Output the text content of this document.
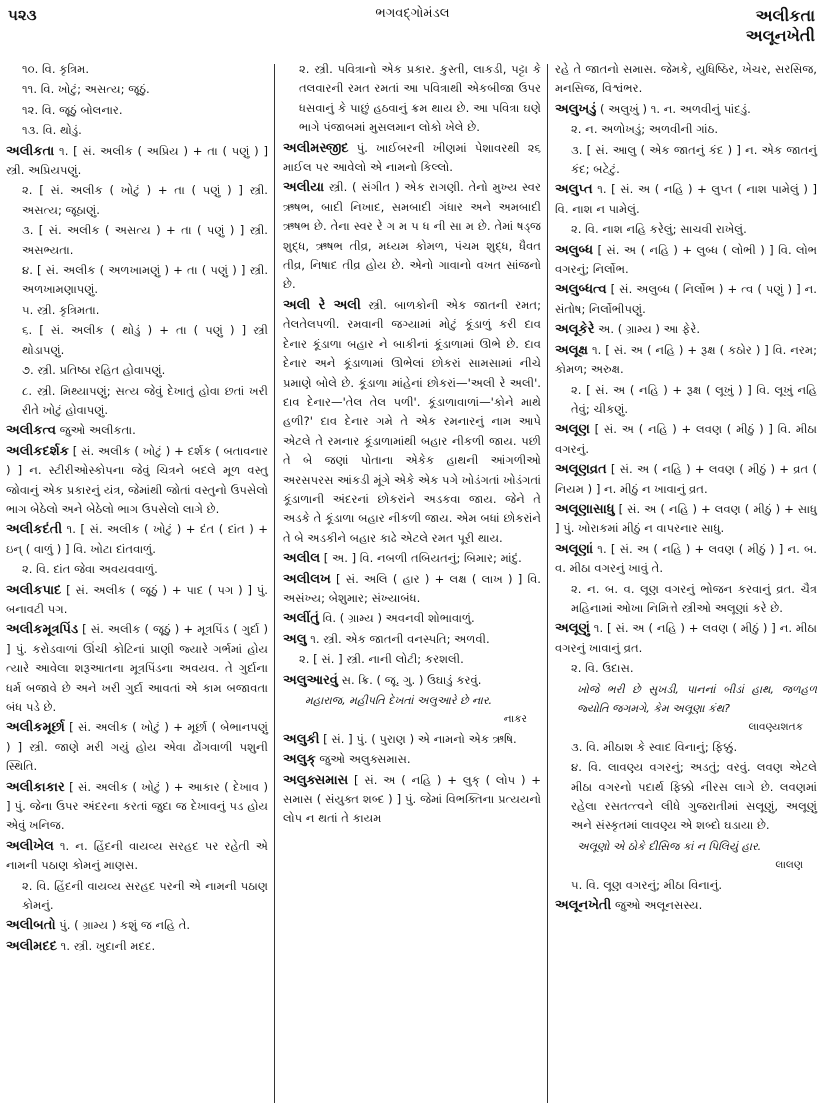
૫૨૩	ભગવદ્ગોમંડલ	અલીકતા
અલૂનખેતી
૧૦. વિ. કૃત્રિમ.
૧૧. વિ. ખોટું; અસત્ય; જૂઠું.
૧૨. વિ. જૂઠું બોલનાર.
૧૩. વિ. થોડું.
અલીકતા ૧. [ સં. અલીક ( અપ્રિય ) + તા ( પણું ) ] સ્ત્રી. અપ્રિયપણું.
૨. [ સં. અલીક ( ખોટું ) + તા ( પણું ) ] સ્ત્રી. અસત્ય; જૂઠાણું.
૩. [ સં. અલીક ( અસત્ય ) + તા ( પણું ) ] સ્ત્રી. અસભ્યતા.
૪. [ સં. અલીક ( અળખામણું ) + તા ( પણું ) ] સ્ત્રી. અળખામણાપણું.
૫. સ્ત્રી. કૃત્રિમતા.
૬. [ સં. અલીક ( થોડું ) + તા ( પણું ) ] સ્ત્રી થોડાપણું.
૭. સ્ત્રી. પ્રતિષ્ઠા રહિત હોવાપણું.
૮. સ્ત્રી. મિથ્યાપણું; સત્ય જેવું દેખાતું હોવા છતાં ખરી રીતે ખોટું હોવાપણું.
અલીકત્વ જુઓ અલીકતા.
અલીકદર્શક [ સં. અલીક ( ખોટું ) + દર્શક ( બતાવનાર ) ] ન. સ્ટીરીઓસ્કોપના જેવું ચિત્રને બદલે મૂળ વસ્તુ જોવાનું એક પ્રકારનું યંત્ર, જેમાંથી જોતાં વસ્તુનો ઉપસેલો ભાગ બેઠેલો અને બેઠેલો ભાગ ઉપસેલો લાગે છે.
અલીકદંતી ૧. [ સં. અલીક ( ખોટું ) + દંત ( દાંત ) + ઇન્ ( વાળું ) ] વિ. ખોટા દાંતવાળું.
૨. વિ. દાંત જેવા અવયવવાળું.
અલીકપાદ [ સં. અલીક ( જૂઠું ) + પાદ ( પગ ) ] પું. બનાવટી પગ.
અલીકમૂત્રપિંડ [ સં. અલીક ( જૂઠું ) + મૂત્રપિંડ ( ગુર્દા ) ] પું. કરોડવાળાં ઊંચી કોટિનાં પ્રાણી જ્યારે ગર્ભમાં હોય ત્યારે આવેલા શરૂઆતના મૂત્રપિંડના અવયવ. તે ગુર્દાના ધર્મ બજાવે છે અને ખરી ગુર્દા આવતાં એ કામ બજાવતા બંધ પડે છે.
અલીકમૂર્છા [ સં. અલીક ( ખોટું ) + મૂર્છા ( બેભાનપણું ) ] સ્ત્રી. જાણે મરી ગયું હોય એવા ઢોંગવાળી પશુની સ્થિતિ.
અલીકાકાર [ સં. અલીક ( ખોટું ) + આકાર ( દેખાવ ) ] પું. જેના ઉપર અંદરના કરતાં જુદા જ દેખાવનું પડ હોય એવું ખનિજ.
અલીખેલ ૧. ન. હિંદની વાયવ્ય સરહદ પર રહેતી એ નામની પઠાણ કોમનું માણસ.
૨. વિ. હિંદની વાયવ્ય સરહદ પરની એ નામની પઠાણ કોમનું.
અલીબતો પું. ( ગ્રામ્ય ) કશું જ નહિ તે.
અલીમદદ ૧. સ્ત્રી. ખુદાની મદદ.
૨. સ્ત્રી. પવિત્રાનો એક પ્રકાર. કુસ્તી, લાકડી, પટ્ટા કે તલવારની રમત રમતાં આ પવિત્રાથી એકબીજા ઉપર ધસવાનું કે પાછું હઠવાનું ક્રમ થાય છે. આ પવિત્રા ઘણે ભાગે પંજાબમાં મુસલમાન લોકો ખેલે છે.
અલીમસ્જીદ પું. ખાઈબરની ખીણમાં પેશાવરથી ૨૬ માઈલ પર આવેલો એ નામનો કિલ્લો.
અલીયા સ્ત્રી. ( સંગીત ) એક રાગણી. તેનો મુખ્ય સ્વર ઋષભ, બાદી નિખાદ, સમબાદી ગંધાર અને અમબાદી ઋષભ છે. તેના સ્વર રે ગ મ પ ધ ની સા મ છે. તેમાં ષડ્જ શુદ્ધ, ઋષભ તીવ્ર, મધ્યમ કોમળ, પંચમ શુદ્ધ, ધૈવત તીવ્ર, નિષાદ તીવ્ર હોય છે. એનો ગાવાનો વખત સાંજનો છે.
અલી રે અલી સ્ત્રી. બાળકોની એક જાતની રમત; તેલતેલપળી. રમવાની જગ્યામાં મોટું કૂંડાળું કરી દાવ દેનાર કૂંડાળા બહાર ને બાકીનાં કૂંડાળામાં ઊભે છે. દાવ દેનાર અને કૂંડાળામાં ઊભેલાં છોકરાં સામસામાં નીચે પ્રમાણે બોલે છે. કૂંડાળા માંહેનાં છોકરાં—'અલી રે અલી'. દાવ દેનાર—'તેલ તેલ પળી'. કૂંડાળાવાળાં—'કોને માથે હળી?' દાવ દેનાર ગમે તે એક રમનારનું નામ આપે એટલે તે રમનાર કૂંડાળામાંથી બહાર નીકળી જાય. પછી તે બે જણાં પોતાના એકેક હાથની આંગળીઓ અરસપરસ આંકડી મૂંગે એકે એક પગે ખોડંગતાં ખોડંગતાં કૂંડાળાની અંદરનાં છોકરાંને અડકવા જાય. જેને તે અડકે તે કૂંડાળા બહાર નીકળી જાય. એમ બધાં છોકરાંને તે બે અડકીને બહાર કાઢે એટલે રમત પૂરી થાય.
અલીલ [ અ. ] વિ. નબળી તબિયતનું; બિમાર; માંદું.
અલીલખ [ સં. અલિ ( હાર ) + લક્ષ ( લાખ ) ] વિ. અસંખ્ય; બેશુમાર; સંખ્યાબંધ.
અલીંતું વિ. ( ગ્રામ્ય ) અવનવી શોભાવાળું.
અલુ ૧. સ્ત્રી. એક જાતની વનસ્પતિ; અળવી.
૨. [ સં. ] સ્ત્રી. નાની લોટી; કરશલી.
અલુઆરવું સ. ક્રિ. ( જૂ. ગુ. ) ઉઘાડું કરવું.
મહારાજ, મહીપતિ દેખતાં અલુઆરે છે નાર.
નાકર
અલુકી [ સં. ] પું. ( પુરાણ ) એ નામનો એક ઋષિ.
અલુક્ જુઓ અલુક્સમાસ.
અલુક્સમાસ [ સં. અ ( નહિ ) + લુક્ ( લોપ ) + સમાસ ( સંયુક્ત શબ્દ ) ] પું. જેમાં વિભક્તિના પ્રત્યયનો લોપ ન થતાં તે કાયમ
રહે તે જાતનો સમાસ. જેમકે, યુધિષ્ઠિર, ખેચર, સરસિજ, મનસિજ, વિશ્વંભર.
અલુખડું ( અલુખું ) ૧. ન. અળવીનું પાંદડું.
૨. ન. અળોખડું; અળવીની ગાંઠ.
૩. [ સં. આલુ ( એક જાતનું કંદ ) ] ન. એક જાતનું કંદ; બટેટું.
અલુપ્ત ૧. [ સં. અ ( નહિ ) + લુપ્ત ( નાશ પામેલું ) ] વિ. નાશ ન પામેલું.
૨. વિ. નાશ નહિ કરેલું; સાચવી રાખેલું.
અલુબ્ધ [ સં. અ ( નહિ ) + લુબ્ધ ( લોભી ) ] વિ. લોભ વગરનું; નિર્લોભ.
અલુબ્ધત્વ [ સં. અલુબ્ધ ( નિર્લોભ ) + ત્વ ( પણું ) ] ન. સંતોષ; નિર્લોભીપણું.
અલૂકેરે અ. ( ગ્રામ્ય ) આ ફેરે.
અલૂક્ષ ૧. [ સં. અ ( નહિ ) + રૂક્ષ ( કઠોર ) ] વિ. નરમ; કોમળ; અરુક્ષ.
૨. [ સં. અ ( નહિ ) + રૂક્ષ ( લૂખું ) ] વિ. લૂખું નહિ તેવું; ચીકણું.
અલૂણ [ સં. અ ( નહિ ) + લવણ ( મીઠું ) ] વિ. મીઠા વગરનું.
અલૂણવ્રત [ સં. અ ( નહિ ) + લવણ ( મીઠું ) + વ્રત ( નિયમ ) ] ન. મીઠું ન ખાવાનું વ્રત.
અલૂણાસાધુ [ સં. અ ( નહિ ) + લવણ ( મીઠું ) + સાધુ ] પું. ખોરાકમાં મીઠું ન વાપરનાર સાધુ.
અલૂણાં ૧. [ સં. અ ( નહિ ) + લવણ ( મીઠું ) ] ન. બ. વ. મીઠા વગરનું ખાવું તે.
૨. ન. બ. વ. લૂણ વગરનું ભોજન કરવાનું વ્રત. ચૈત્ર મહિનામાં ઓખા નિમિત્તે સ્ત્રીઓ અલૂણાં કરે છે.
અલૂણું ૧. [ સં. અ ( નહિ ) + લવણ ( મીઠું ) ] ન. મીઠા વગરનું ખાવાનું વ્રત.
૨. વિ. ઉદાસ.
ખોજે ભરી છે સુખડી, પાનનાં બીડાં હાથ, જળહળ જ્યોતિ જગમગે, કેમ અલૂણા કંથ?
લાવણ્યશતક
૩. વિ. મીઠાશ કે સ્વાદ વિનાનું; ફિક્કું.
૪. વિ. લાવણ્ય વગરનું; અડતું; વરવું. લવણ એટલે મીઠા વગરનો પદાર્થ ફિક્કો નીરસ લાગે છે. લવણમાં રહેલા રસતત્ત્વને લીધે ગુજરાતીમાં સલૂણું, અલૂણું અને સંસ્કૃતમાં લાવણ્ય એ શબ્દો ઘડાયા છે.
અલૂણો એ ઠોકે દીસિજ કાં ન પિલિયું હાર.
લાલણ
૫. વિ. લૂણ વગરનું; મીઠા વિનાનું.
અલૂનખેતી જુઓ અલૂનસસ્ય.
